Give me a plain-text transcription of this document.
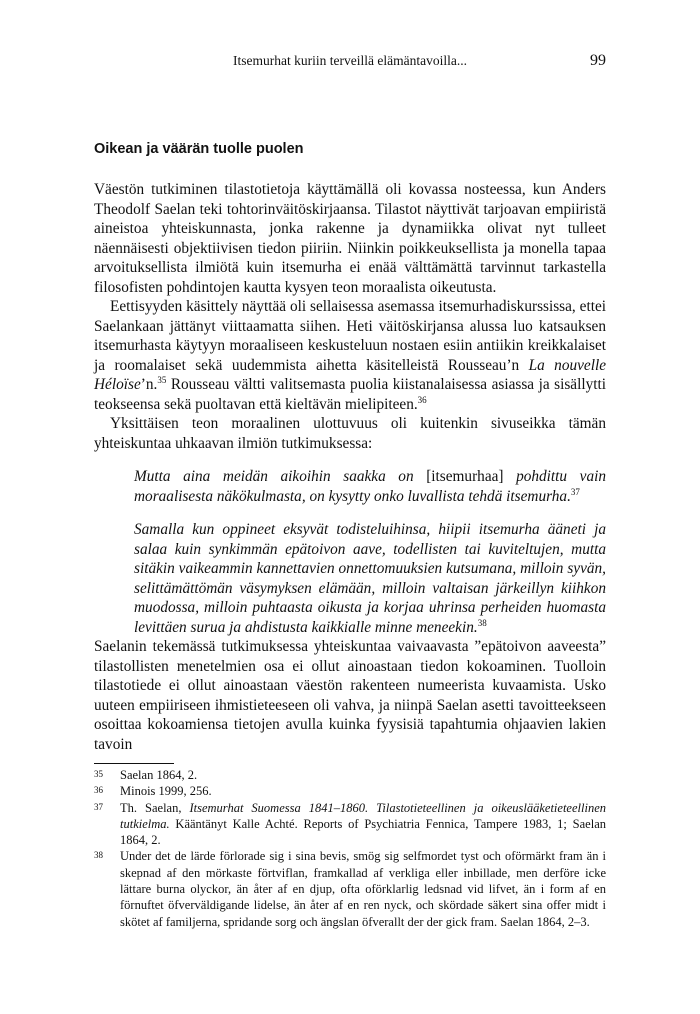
Itsemurhat kuriin terveillä elämäntavoilla...	99
Oikean ja väärän tuolle puolen

Väestön tutkiminen tilastotietoja käyttämällä oli kovassa nosteessa, kun Anders Theodolf Saelan teki tohtorinväitöskirjaansa. Tilastot näyttivät tarjoavan empiiristä aineistoa yhteiskunnasta, jonka rakenne ja dynamiikka olivat nyt tulleet näennäisesti objektiivisen tiedon piiriin. Niinkin poikkeuksellista ja monella tapaa arvoituksellista ilmiötä kuin itsemurha ei enää välttämättä tarvinnut tarkastella filosofisten pohdintojen kautta kysyen teon moraalista oikeutusta.

Eettisyyden käsittely näyttää oli sellaisessa asemassa itsemurhadiskurssissa, ettei Saelankaan jättänyt viittaamatta siihen. Heti väitöskirjansa alussa luo katsauksen itsemurhasta käytyyn moraaliseen keskusteluun nostaen esiin antiikin kreikkalaiset ja roomalaiset sekä uudemmista aihetta käsitelleistä Rousseau’n La nouvelle Héloïse’n.$^{35}$ Rousseau vältti valitsemasta puolia kiistanalaisessa asiassa ja sisällytti teokseensa sekä puoltavan että kieltävän mielipiteen.$^{36}$

Yksittäisen teon moraalinen ulottuvuus oli kuitenkin sivuseikka tämän yhteiskuntaa uhkaavan ilmiön tutkimuksessa:

Mutta aina meidän aikoihin saakka on [itsemurhaa] pohdittu vain moraalisesta näkökulmasta, on kysytty onko luvallista tehdä itsemurha.$^{37}$
Samalla kun oppineet eksyvät todisteluihinsa, hiipii itsemurha ääneti ja salaa kuin synkimmän epätoivon aave, todellisten tai kuviteltujen, mutta sitäkin vaikeammin kannettavien onnettomuuksien kutsumana, milloin syvän, selittämättömän väsymyksen elämään, milloin valtaisan järkeillyn kiihkon muodossa, milloin puhtaasta oikusta ja korjaa uhrinsa perheiden huomasta levittäen surua ja ahdistusta kaikkialle minne meneekin.$^{38}$

Saelanin tekemässä tutkimuksessa yhteiskuntaa vaivaavasta ”epätoivon aaveesta” tilastollisten menetelmien osa ei ollut ainoastaan tiedon kokoaminen. Tuolloin tilastotiede ei ollut ainoastaan väestön rakenteen numeerista kuvaamista. Usko uuteen empiiriseen ihmistieteeseen oli vahva, ja niinpä Saelan asetti tavoitteekseen osoittaa kokoamiensa tietojen avulla kuinka fyysisiä tapahtumia ohjaavien lakien tavoin

35	Saelan 1864, 2.
36	Minois 1999, 256.
37	Th. Saelan, Itsemurhat Suomessa 1841–1860. Tilastotieteellinen ja oikeuslääketieteellinen tutkielma. Kääntänyt Kalle Achté. Reports of Psychiatria Fennica, Tampere 1983, 1; Saelan 1864, 2.
38	Under det de lärde förlorade sig i sina bevis, smög sig selfmordet tyst och oförmärkt fram än i skepnad af den mörkaste förtviflan, framkallad af verkliga eller inbillade, men derföre icke lättare burna olyckor, än åter af en djup, ofta oförklarlig ledsnad vid lifvet, än i form af en förnuftet öfverväldigande lidelse, än åter af en ren nyck, och skördade säkert sina offer midt i skötet af familjerna, spridande sorg och ängslan öfverallt der der gick fram. Saelan 1864, 2–3.
